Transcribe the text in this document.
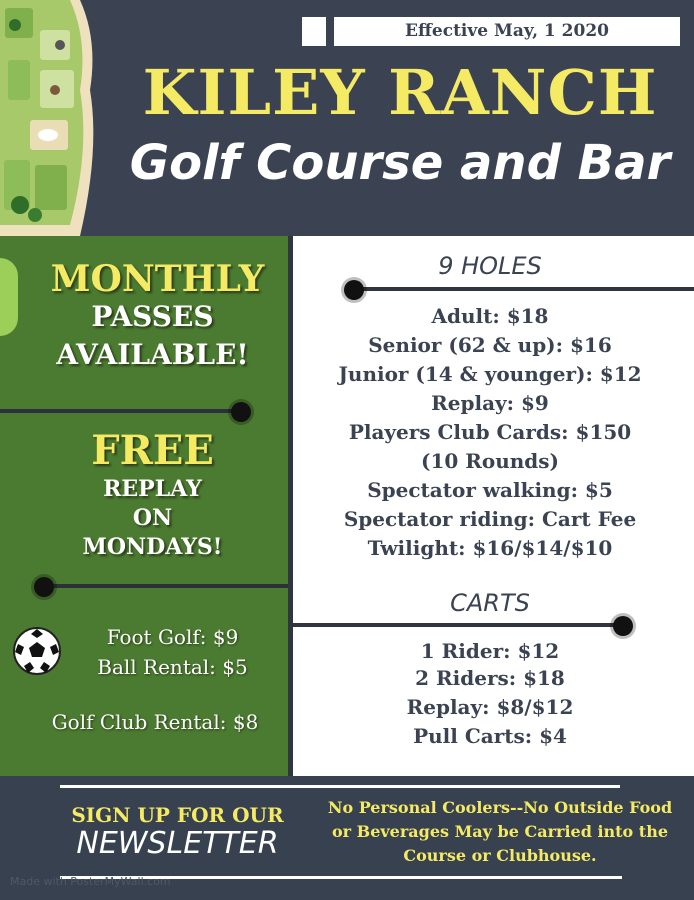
Effective May, 1 2020
KILEY RANCH
Golf Course and Bar
MONTHLY
PASSES
AVAILABLE!
FREE
REPLAY
ON
MONDAYS!
Foot Golf: $9
Ball Rental: $5
Golf Club Rental: $8
9 HOLES
Adult: $18
Senior (62 & up): $16
Junior (14 & younger): $12
Replay: $9
Players Club Cards: $150
(10 Rounds)
Spectator walking: $5
Spectator riding: Cart Fee
Twilight: $16/$14/$10
CARTS
1 Rider: $12
2 Riders: $18
Replay: $8/$12
Pull Carts: $4
SIGN UP FOR OUR
NEWSLETTER
No Personal Coolers--No Outside Food or Beverages May be Carried into the Course or Clubhouse.
Made with PosterMyWall.com
